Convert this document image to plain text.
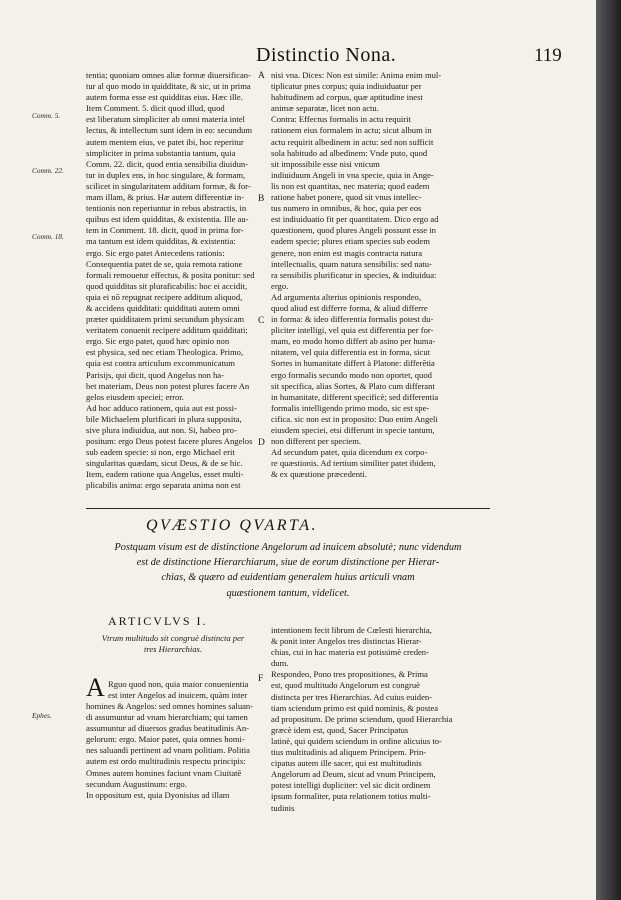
Distinctio Nona.	119
tentia; quoniam omnes aliæ formæ diuersifican-
tur al quo modo in quidditate, & sic, ut in prima
autem forma esse est quidditas eius. Hæc ille.
Item Comment. 5. dicit quod illud, quod
est liberatum simpliciter ab omni materia intel
lectus, & intellectum sunt idem in eo: secundum
autem mentem eius, ve patet ibi, hoc reperitur
simpliciter in prima substantia tantum, quia
Comm. 22. dicit, quod entia sensibilia diuidun-
tur in duplex ens, in hoc singulare, & formam,
scilicet in singularitatem additam formæ, & for-
mam illam, & prius. Hæ autem differentiæ in-
tentionis non reperiuntur in rebus abstractis, in
quibus est idem quidditas, & existentia. Ille au-
tem in Comment. 18. dicit, quod in prima for-
ma tantum est idem quidditas, & existentia:
ergo. Sic ergo patet Antecedens rationis:
Consequentia patet de se, quia remota ratione
formali remouetur effectus, & posita ponitur: sed
quod quidditas sit pluraficabilis: hoc ei accidit,
quia ei nō repugnat recipere additum aliquod,
& accidens quidditati: quidditati autem omni
præter quidditatem primi secundum physicam
veritatem conuenit recipere additum quidditati:
ergo. Sic ergo patet, quod hæc opinio non
est physica, sed nec etiam Theologica. Primo,
quia est contra articulum excommunicatum
Parisijs, qui dicit, quod Angelus non ha-
bet materiam, Deus non potest plures facere An
gelos eiusdem speciei; error.
Ad hoc adduco rationem, quia aut est possi-
bile Michaelem plurificari in plura supposita,
sive plura indiuidua, aut non. Si, habeo pro-
positum: ergo Deus potest facere plures Angelos
sub eadem specie: si non, ergo Michael erit
singularitas quædam, sicut Deus, & de se hic.
Item, eadem ratione qua Angelus, esset multi-
plicabilis anima: ergo separata anima non est
nisi vna. Dices: Non est simile: Anima enim mul-
tiplicatur pnes corpus; quia indiuiduatur per
habitudinem ad corpus, quæ aptitudine inest
animæ separatæ, licet non actu.
Contra: Effectus formalis in actu requirit
rationem eius formalem in actu; sicut album in
actu requirit albedinem in actu: sed non sufficit
sola habitudo ad albedinem: Vnde puto, quod
sit impossibile esse nisi vnicum
indiuiduum Angeli in vna specie, quia in Ange-
lis non est quantitas, nec materia; quod eadem
ratione habet ponere, quod sit vnus intellec-
tus numero in omnibus, & hoc, quia per eos
est indiuiduatio fit per quantitatem. Dico ergo ad
quæstionem, quod plures Angeli possunt esse in
eadem specie; plures etiam species sub eodem
genere, non enim est magis contracta natura
intellectualis, quam natura sensibilis: sed natu-
ra sensibilis plurificatur in species, & indiuidua:
ergo.
Ad argumenta alterius opinionis respondeo,
quod aliud est differre forma, & aliud differre
in forma: & ideo differentia formalis potest du-
pliciter intelligi, vel quia est differentia per for-
mam, eo modo homo differt ab asino per huma-
nitatem, vel quia differentia est in forma, sicut
Sortes in humanitate differt à Platone: differētia
ergo formalis secundo modo non oportet, quod
sit specifica, alias Sortes, & Plato cum differant
in humanitate, different specificè; sed differentia
formalis intelligendo primo modo, sic est spe-
cifica. sic non est in proposito: Duo enim Angeli
eiusdem speciei, etsi differunt in specie tantum,
non different per speciem.
Ad secundum patet, quia dicendum ex corpo-
re quæstionis. Ad tertium similiter patet ibidem,
& ex quæstione præcedenti.
Comm. 5.
Comm. 22.
Comm. 18.
Ephes.
A
B
C
D
F
QVÆSTIO QVARTA.
Postquam visum est de distinctione Angelorum ad inuicem absolutè; nunc videndum
est de distinctione Hierarchiarum, siue de eorum distinctione per Hierar-
chias, & quæro ad euidentiam generalem huius articuli vnam
quæstionem tantum, videlicet.
ARTICVLVS I.
Vtrum multitudo sit congruè distincta per
tres Hierarchias.
A Rguo quod non, quia maior conuenientia
est inter Angelos ad inuicem, quàm inter
homines & Angelos: sed omnes homines saluan-
di assumuntur ad vnam hierarchiam; qui tamen
assumuntur ad diuersos gradus beatitudinis An-
gelorum: ergo. Maior patet, quia omnes homi-
nes saluandi pertinent ad vnam politiam. Politia
autem est ordo multitudinis respectu principis:
Omnes autem homines faciunt vnam Ciuitatē
secundum Augustinum: ergo.
In oppositum est, quia Dyonisius ad illam
intentionem fecit librum de Cœlesti hierarchia,
& ponit inter Angelos tres distinctas Hierar-
chias, cui in hac materia est potissimè creden-
dum.
Respondeo, Pono tres propositiones, & Prima
est, quod multitudo Angelorum est congruè
distincta per tres Hierarchias. Ad cuius euiden-
tiam sciendum primo est quid nominis, & postea
ad propositum. De primo sciendum, quod Hierarchia
græcè idem est, quod, Sacer Principatus
latinè, qui quidem sciendum in ordine alicuius to-
tius multitudinis ad aliquem Principem. Prin-
cipatus autem ille sacer, qui est multitudinis
Angelorum ad Deum, sicut ad vnum Principem,
potest intelligi dupliciter: vel sic dicit ordinem
ipsum formaliter, puta relationem totius multi-
tudinis
